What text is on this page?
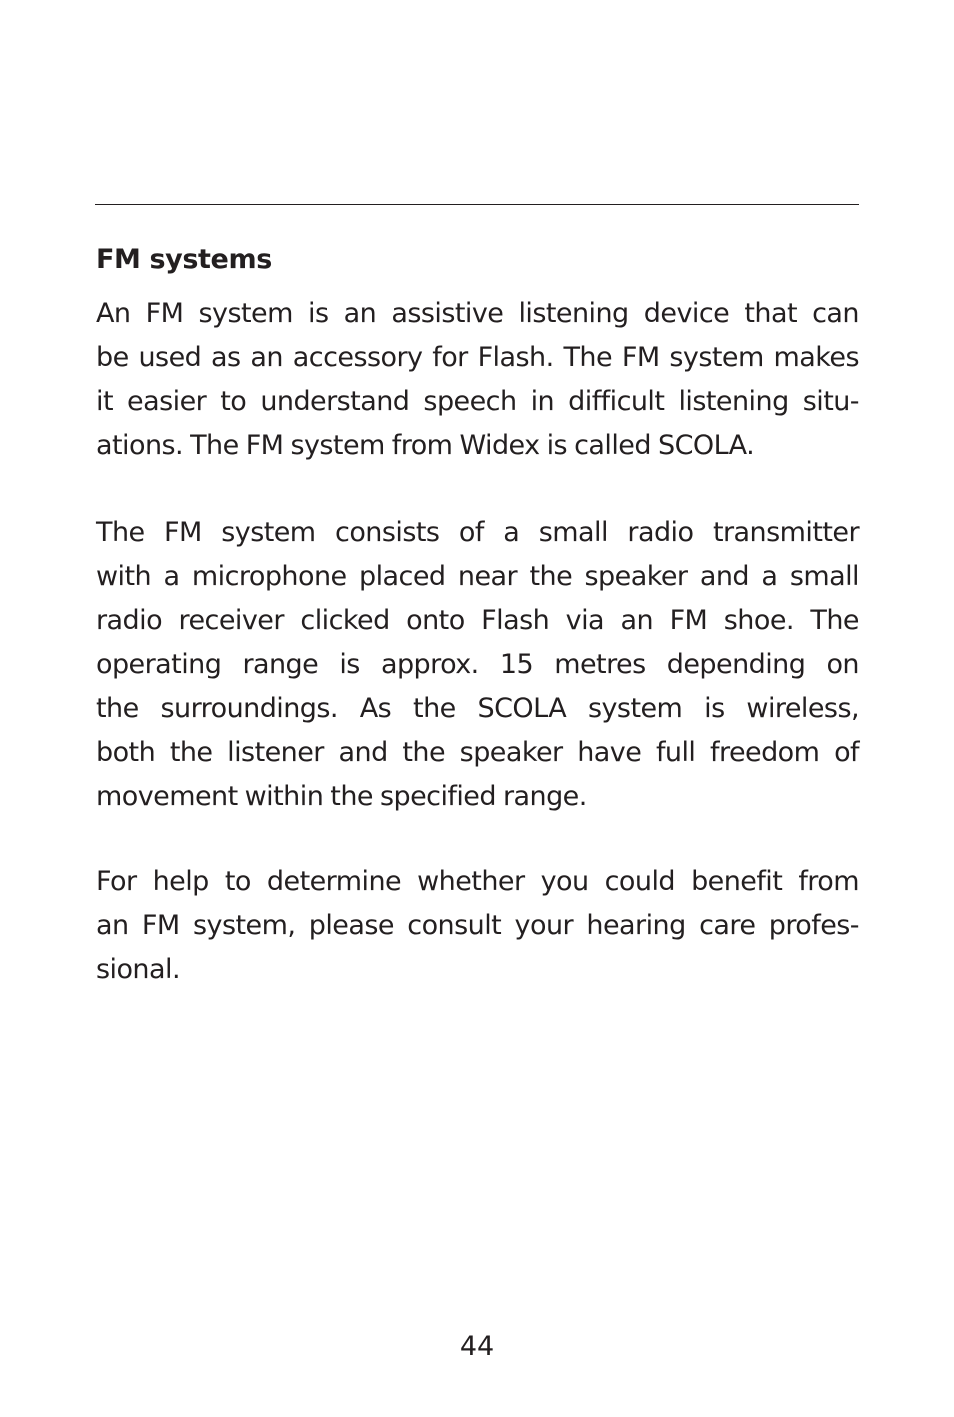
FM systems

An FM system is an assistive listening device that can
be used as an accessory for Flash. The FM system makes
it easier to understand speech in difficult listening situ-
ations. The FM system from Widex is called SCOLA.

The FM system consists of a small radio transmitter
with a microphone placed near the speaker and a small
radio receiver clicked onto Flash via an FM shoe. The
operating range is approx. 15 metres depending on
the surroundings. As the SCOLA system is wireless,
both the listener and the speaker have full freedom of
movement within the specified range.

For help to determine whether you could benefit from
an FM system, please consult your hearing care profes-
sional.

44
